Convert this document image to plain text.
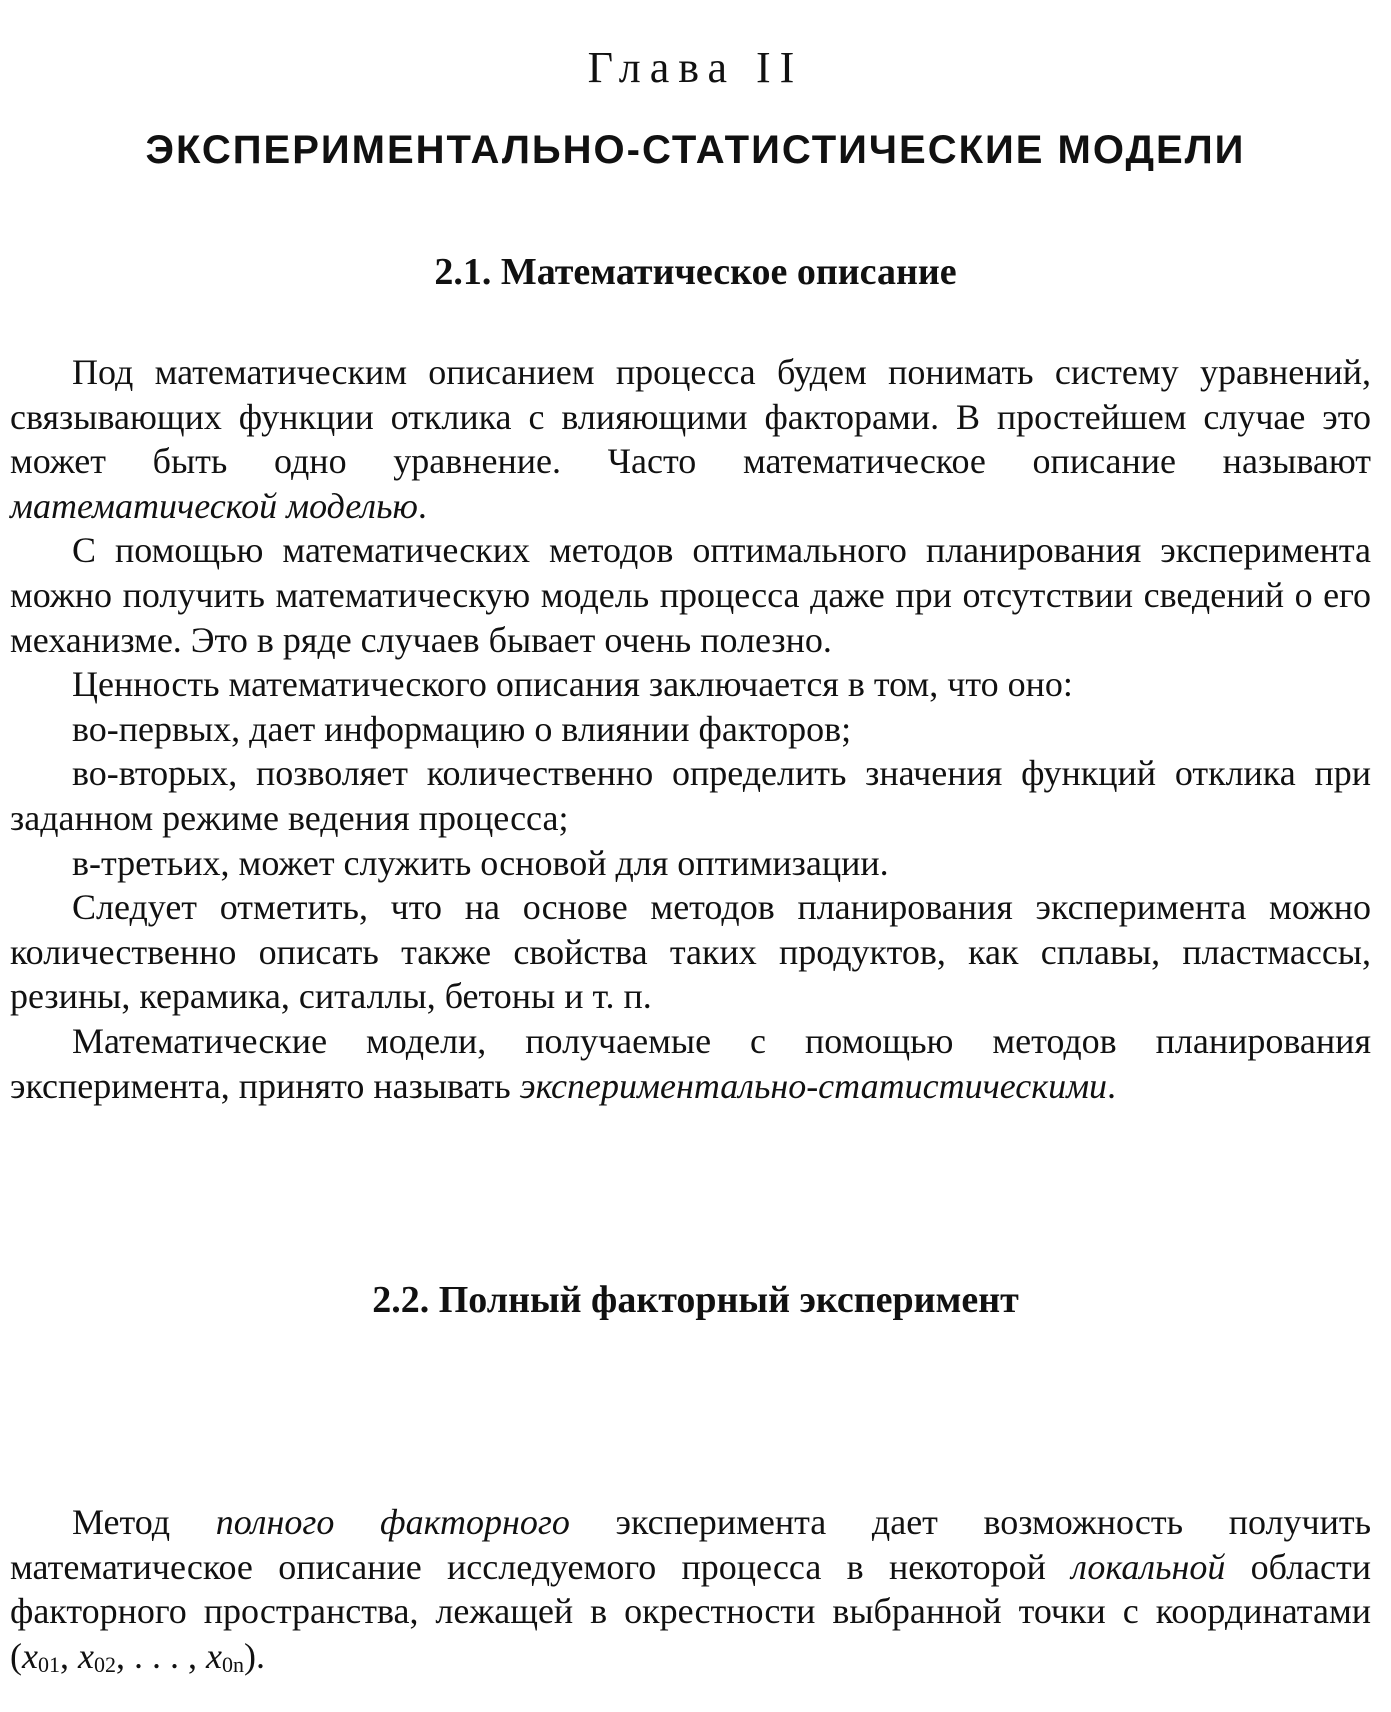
Глава II
ЭКСПЕРИМЕНТАЛЬНО-СТАТИСТИЧЕСКИЕ МОДЕЛИ
2.1. Математическое описание

Под математическим описанием процесса будем понимать систему уравнений, связывающих функции отклика с влияющими факторами. В простейшем случае это может быть одно уравнение. Часто математическое описание называют математической моделью.

С помощью математических методов оптимального планирования эксперимента можно получить математическую модель процесса даже при отсутствии сведений о его механизме. Это в ряде случаев бывает очень полезно.

Ценность математического описания заключается в том, что оно:

во-первых, дает информацию о влиянии факторов;

во-вторых, позволяет количественно определить значения функций отклика при заданном режиме ведения процесса;

в-третьих, может служить основой для оптимизации.

Следует отметить, что на основе методов планирования эксперимента можно количественно описать также свойства таких продуктов, как сплавы, пластмассы, резины, керамика, ситаллы, бетоны и т. п.

Математические модели, получаемые с помощью методов планирования эксперимента, принято называть экспериментально-статистическими.

2.2. Полный факторный эксперимент

Метод полного факторного эксперимента дает возможность получить математическое описание исследуемого процесса в некоторой локальной области факторного пространства, лежащей в окрестности выбранной точки с координатами ($x_{01}$, $x_{02}$, . . . , $x_{0n}$).
